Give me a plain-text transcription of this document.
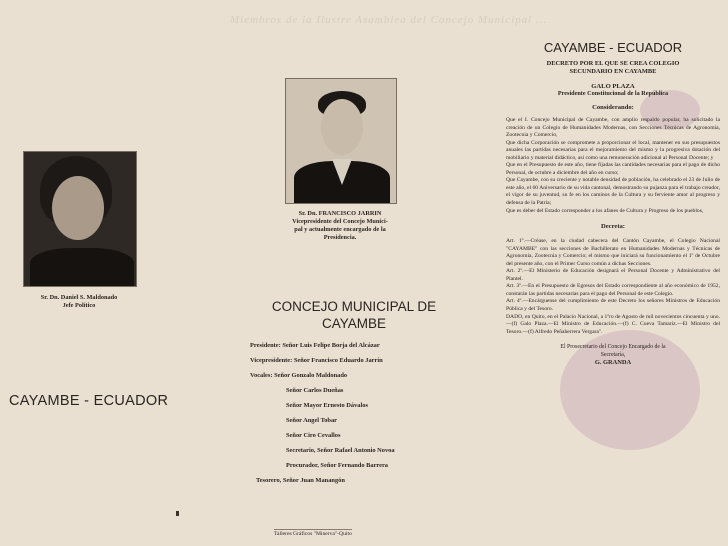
Miembros de la Ilustre Asamblea del Concejo Municipal ...
Sr. Dn. Daniel S. Maldonado
Jefe Político
CAYAMBE - ECUADOR
Sr. Dn. FRANCISCO JARRIN
Vicepresidente del Concejo Munici-
pal y actualmente encargado de la
Presidencia.
CONCEJO MUNICIPAL DE
CAYAMBE
Presidente: Señor Luis Felipe Borja del Alcázar
Vicepresidente: Señor Francisco Eduardo Jarrín
Vocales: Señor Gonzalo Maldonado
Señor Carlos Dueñas
Señor Mayor Ernesto Dávalos
Señor Angel Tobar
Señor Ciro Cevallos
Secretario, Señor Rafael Antonio Novoa
Procurador, Señor Fernando Barrera
Tesorero, Señor Juan Manangón
Talleres Gráficos "Minerva"-Quito
CAYAMBE - ECUADOR
DECRETO POR EL QUE SE CREA COLEGIO
SECUNDARIO EN CAYAMBE
GALO PLAZA
Presidente Constitucional de la República
Considerando:

Que el I. Concejo Municipal de Cayambe, con amplio respaldo popular, ha solicitado la creación de un Colegio de Humanidades Modernas, con Secciones Técnicas de Agronomía, Zootecnia y Comercio,

Que dicha Corporación se compromete a proporcionar el local, mantener en sus presupuestos anuales las partidas necesarias para el mejoramiento del mismo y la progresiva dotación del mobiliario y material didáctico, así como una remuneración adicional al Personal Docente; y

Que en el Presupuesto de este año, tiene fijadas las cantidades necesarias para el pago de dicho Personal, de octubre a diciembre del año en curso;

Que Cayambe, con su creciente y notable densidad de población, ha celebrado el 23 de Julio de este año, el 60 Aniversario de su vida cantonal, demostrando su pujanza para el trabajo creador, el vigor de su juventud, su fe en los caminos de la Cultura y su ferviente amor al progreso y defensa de la Patria;

Que es deber del Estado corresponder a los afanes de Cultura y Progreso de los pueblos,

Decreta:

Art. 1º.—Créase, en la ciudad cabecera del Cantón Cayambe, el Colegio Nacional "CAYAMBE" con las secciones de Bachillerato en Humanidades Modernas y Técnicas de Agronomía, Zootecnia y Comercio; el mismo que iniciará su funcionamiento el 1º de Octubre del presente año, con el Primer Curso común a dichas Secciones.

Art. 2º.—El Ministerio de Educación designará el Personal Docente y Administrativo del Plantel.

Art. 3º.—En el Presupuesto de Egresos del Estado correspondiente al año económico de 1952, constarán las partidas necesarias para el pago del Personal de este Colegio.

Art. 4º.—Encárguense del cumplimiento de este Decreto los señores Ministros de Educación Pública y del Tesoro.

DADO, en Quito, en el Palacio Nacional, a 1ºro de Agosto de mil novecientos cincuenta y uno.—(f) Galo Plaza.—El Ministro de Educación.—(f) C. Cueva Tamariz.—El Ministro del Tesoro.—(f) Alfredo Peñaherrera Vergara".

El Prosecretario del Concejo Encargado de la
Secretaría,
G. GRANDA
